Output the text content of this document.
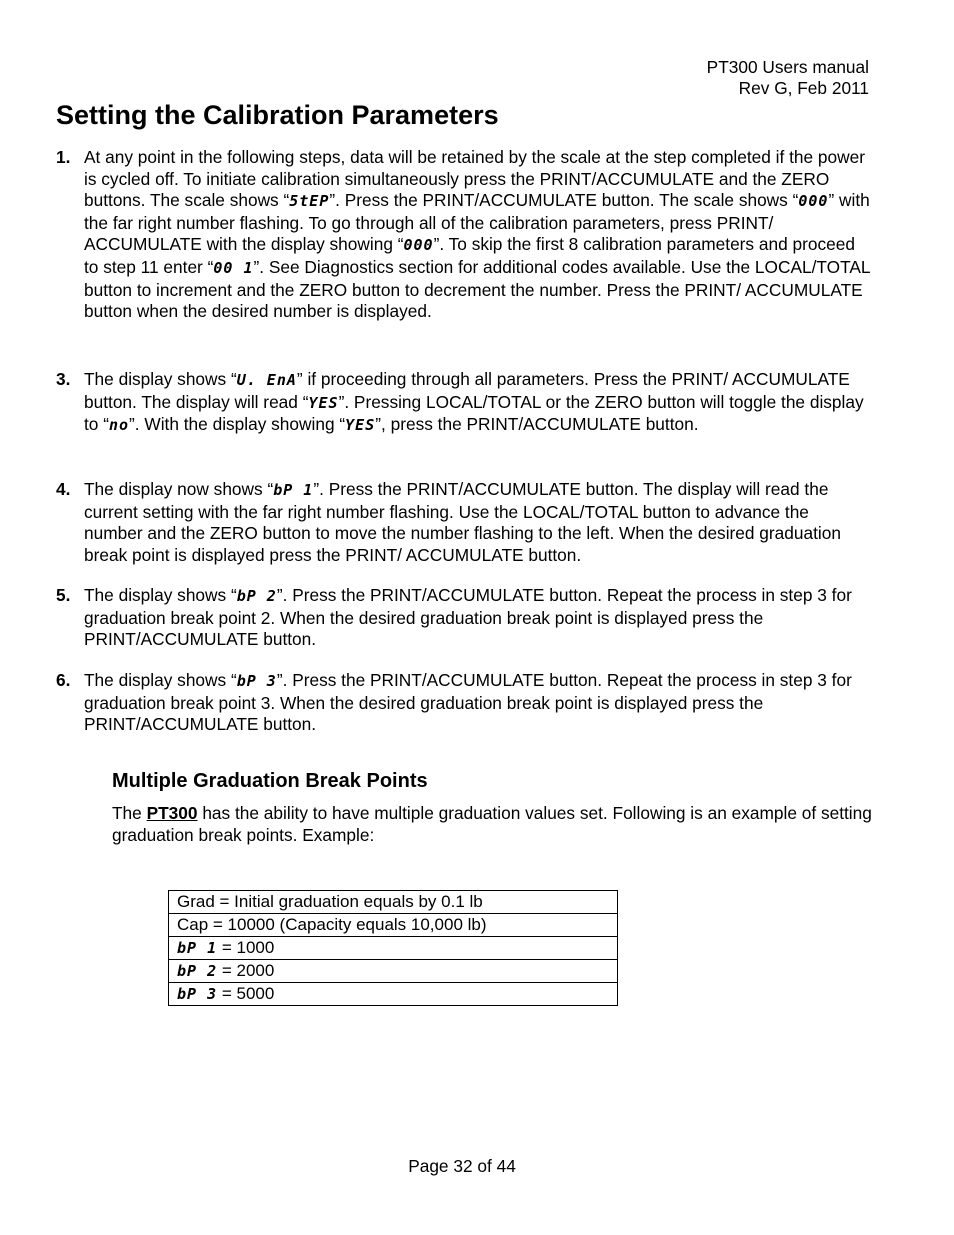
PT300 Users manual
Rev G, Feb 2011
Setting the Calibration Parameters
1. At any point in the following steps, data will be retained by the scale at the step completed if the power is cycled off. To initiate calibration simultaneously press the PRINT/ACCUMULATE and the ZERO buttons. The scale shows “5tEP”. Press the PRINT/ACCUMULATE button. The scale shows “000” with the far right number flashing. To go through all of the calibration parameters, press PRINT/ ACCUMULATE with the display showing “000”. To skip the first 8 calibration parameters and proceed to step 11 enter “00 1”. See Diagnostics section for additional codes available. Use the LOCAL/TOTAL button to increment and the ZERO button to decrement the number. Press the PRINT/ ACCUMULATE button when the desired number is displayed.
3. The display shows “U. EnA” if proceeding through all parameters. Press the PRINT/ ACCUMULATE button. The display will read “YES”. Pressing LOCAL/TOTAL or the ZERO button will toggle the display to “no”. With the display showing “YES”, press the PRINT/ACCUMULATE button.
4. The display now shows “bP 1”. Press the PRINT/ACCUMULATE button. The display will read the current setting with the far right number flashing. Use the LOCAL/TOTAL button to advance the number and the ZERO button to move the number flashing to the left. When the desired graduation break point is displayed press the PRINT/ ACCUMULATE button.
5. The display shows “bP 2”. Press the PRINT/ACCUMULATE button. Repeat the process in step 3 for graduation break point 2. When the desired graduation break point is displayed press the PRINT/ACCUMULATE button.
6. The display shows “bP 3”. Press the PRINT/ACCUMULATE button. Repeat the process in step 3 for graduation break point 3. When the desired graduation break point is displayed press the PRINT/ACCUMULATE button.
Multiple Graduation Break Points
The PT300 has the ability to have multiple graduation values set. Following is an example of setting graduation break points. Example:
Grad = Initial graduation equals by 0.1 lb
Cap = 10000 (Capacity equals 10,000 lb)
bP 1 = 1000
bP 2 = 2000
bP 3 = 5000
Page 32 of 44
